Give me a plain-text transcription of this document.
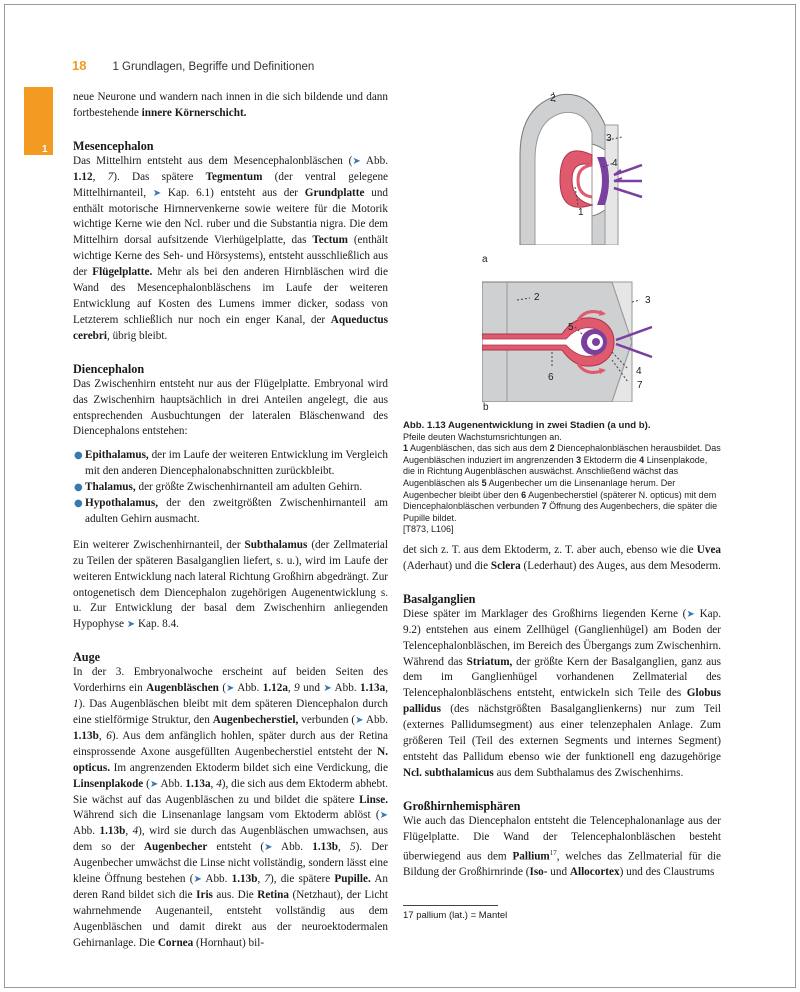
1
18 1 Grundlagen, Begriffe und Definitionen

neue Neurone und wandern nach innen in die sich bildende und dann fortbestehende innere Körnerschicht.

Mesencephalon

Das Mittelhirn entsteht aus dem Mesencephalonbläschen (➤ Abb. 1.12, 7). Das spätere Tegmentum (der ventral gelegene Mittelhirnanteil, ➤ Kap. 6.1) entsteht aus der Grundplatte und enthält motorische Hirnnervenkerne sowie weitere für die Motorik wichtige Kerne wie den Ncl. ruber und die Substantia nigra. Die dem Mittelhirn dorsal aufsitzende Vierhügelplatte, das Tectum (enthält wichtige Kerne des Seh- und Hörsystems), entsteht ausschließlich aus der Flügelplatte. Mehr als bei den anderen Hirnbläschen wird die Wand des Mesencephalonbläschens im Laufe der weiteren Entwicklung auf Kosten des Lumens immer dicker, sodass von Letzterem schließlich nur noch ein enger Kanal, der Aqueductus cerebri, übrig bleibt.

Diencephalon

Das Zwischenhirn entsteht nur aus der Flügelplatte. Embryonal wird das Zwischenhirn hauptsächlich in drei Anteilen angelegt, die aus entsprechenden Ausbuchtungen der lateralen Bläschenwand des Diencephalons entstehen:

● Epithalamus, der im Laufe der weiteren Entwicklung im Vergleich mit den anderen Diencephalonabschnitten zurückbleibt.
● Thalamus, der größte Zwischenhirnanteil am adulten Gehirn.
● Hypothalamus, der den zweitgrößten Zwischenhirnanteil am adulten Gehirn ausmacht.

Ein weiterer Zwischenhirnanteil, der Subthalamus (der Zellmaterial zu Teilen der späteren Basalganglien liefert, s. u.), wird im Laufe der weiteren Entwicklung nach lateral Richtung Großhirn abgedrängt. Zur ontogenetisch dem Diencephalon zugehörigen Augenentwicklung s. u. Zur Entwicklung der basal dem Zwischenhirn anliegenden Hypophyse ➤ Kap. 8.4.

Auge

In der 3. Embryonalwoche erscheint auf beiden Seiten des Vorderhirns ein Augenbläschen (➤ Abb. 1.12a, 9 und ➤ Abb. 1.13a, 1). Das Augenbläschen bleibt mit dem späteren Diencephalon durch eine stielförmige Struktur, den Augenbecherstiel, verbunden (➤ Abb. 1.13b, 6). Aus dem anfänglich hohlen, später durch aus der Retina einsprossende Axone ausgefüllten Augenbecherstiel entsteht der N. opticus. Im angrenzenden Ektoderm bildet sich eine Verdickung, die Linsenplakode (➤ Abb. 1.13a, 4), die sich aus dem Ektoderm abhebt. Sie wächst auf das Augenbläschen zu und bildet die spätere Linse. Während sich die Linsenanlage langsam vom Ektoderm ablöst (➤ Abb. 1.13b, 4), wird sie durch das Augenbläschen umwachsen, aus dem so der Augenbecher entsteht (➤ Abb. 1.13b, 5). Der Augenbecher umwächst die Linse nicht vollständig, sondern lässt eine kleine Öffnung bestehen (➤ Abb. 1.13b, 7), die spätere Pupille. An deren Rand bildet sich die Iris aus. Die Retina (Netzhaut), der Licht wahrnehmende Augenanteil, entsteht vollständig aus dem Augenbläschen und damit direkt aus der neuroektodermalen Gehirnanlage. Die Cornea (Hornhaut) bil-

2
3
4
1
a
2	3
5
4
6
7
b

Abb. 1.13 Augenentwicklung in zwei Stadien (a und b).

Pfeile deuten Wachstumsrichtungen an.

1 Augenbläschen, das sich aus dem 2 Diencephalonbläschen herausbildet. Das Augenbläschen induziert im angrenzenden 3 Ektoderm die 4 Linsenplakode, die in Richtung Augenbläschen auswächst. Anschließend wächst das Augenbläschen als 5 Augenbecher um die Linsenanlage herum. Der Augenbecher bleibt über den 6 Augenbecherstiel (späterer N. opticus) mit dem Diencephalonbläschen verbunden 7 Öffnung des Augenbechers, die später die Pupille bildet.

[T873, L106]

det sich z. T. aus dem Ektoderm, z. T. aber auch, ebenso wie die Uvea (Aderhaut) und die Sclera (Lederhaut) des Auges, aus dem Mesoderm.

Basalganglien

Diese später im Marklager des Großhirns liegenden Kerne (➤ Kap. 9.2) entstehen aus einem Zellhügel (Ganglienhügel) am Boden der Telencephalonbläschen, im Bereich des Übergangs zum Zwischenhirn. Während das Striatum, der größte Kern der Basalganglien, ganz aus dem im Ganglienhügel vorhandenen Zellmaterial des Telencephalonbläschens entsteht, entwickeln sich Teile des Globus pallidus (des nächstgrößten Basalganglienkerns) nur zum Teil (externes Pallidumsegment) aus einer telenzephalen Anlage. Zum größeren Teil (Teil des externen Segments und internes Segment) entsteht das Pallidum ebenso wie der funktionell eng dazugehörige Ncl. subthalamicus aus dem Subthalamus des Zwischenhirns.

Großhirnhemisphären

Wie auch das Diencephalon entsteht die Telencephalonanlage aus der Flügelplatte. Die Wand der Telencephalonbläschen besteht überwiegend aus dem Pallium$^{17}$, welches das Zellmaterial für die Bildung der Großhirnrinde (Iso- und Allocortex) und des Claustrums

17 pallium (lat.) = Mantel
